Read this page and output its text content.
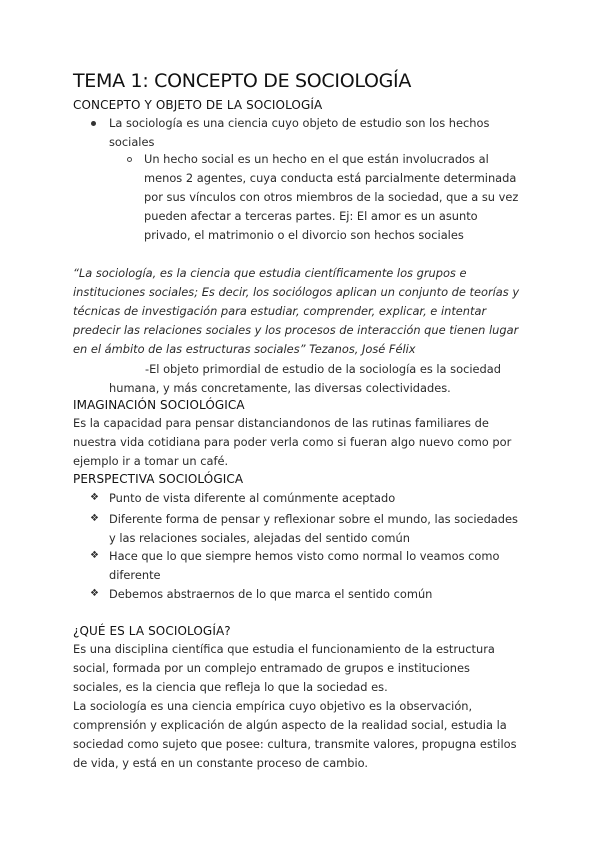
TEMA 1: CONCEPTO DE SOCIOLOGÍA
CONCEPTO Y OBJETO DE LA SOCIOLOGÍA
La sociología es una ciencia cuyo objeto de estudio son los hechos
sociales
Un hecho social es un hecho en el que están involucrados al
menos 2 agentes, cuya conducta está parcialmente determinada
por sus vínculos con otros miembros de la sociedad, que a su vez
pueden afectar a terceras partes. Ej: El amor es un asunto
privado, el matrimonio o el divorcio son hechos sociales
“La sociología, es la ciencia que estudia científicamente los grupos e
instituciones sociales; Es decir, los sociólogos aplican un conjunto de teorías y
técnicas de investigación para estudiar, comprender, explicar, e intentar
predecir las relaciones sociales y los procesos de interacción que tienen lugar
en el ámbito de las estructuras sociales” Tezanos, José Félix
-El objeto primordial de estudio de la sociología es la sociedad
humana, y más concretamente, las diversas colectividades.
IMAGINACIÓN SOCIOLÓGICA
Es la capacidad para pensar distanciandonos de las rutinas familiares de
nuestra vida cotidiana para poder verla como si fueran algo nuevo como por
ejemplo ir a tomar un café.
PERSPECTIVA SOCIOLÓGICA
❖ Punto de vista diferente al comúnmente aceptado
❖ Diferente forma de pensar y reflexionar sobre el mundo, las sociedades
y las relaciones sociales, alejadas del sentido común
❖ Hace que lo que siempre hemos visto como normal lo veamos como
diferente
❖ Debemos abstraernos de lo que marca el sentido común
¿QUÉ ES LA SOCIOLOGÍA?
Es una disciplina científica que estudia el funcionamiento de la estructura
social, formada por un complejo entramado de grupos e instituciones
sociales, es la ciencia que refleja lo que la sociedad es.
La sociología es una ciencia empírica cuyo objetivo es la observación,
comprensión y explicación de algún aspecto de la realidad social, estudia la
sociedad como sujeto que posee: cultura, transmite valores, propugna estilos
de vida, y está en un constante proceso de cambio.
